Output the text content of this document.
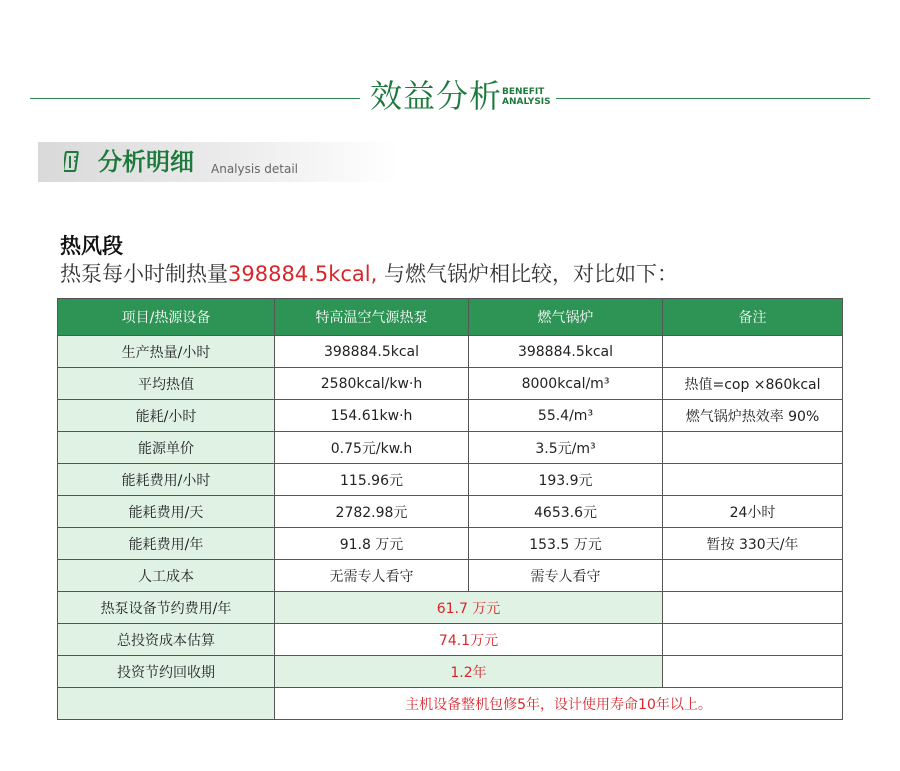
效益分析 BENEFIT
ANALYSIS
分析明细 Analysis detail
热风段
热泵每小时制热量398884.5kcal, 与燃气锅炉相比较，对比如下：
项目/热源设备	特高温空气源热泵	燃气锅炉	备注
生产热量/小时	398884.5kcal	398884.5kcal	
平均热值	2580kcal/kw·h	8000kcal/m³	热值=cop ×860kcal
能耗/小时	154.61kw·h	55.4/m³	燃气锅炉热效率 90%
能源单价	0.75元/kw.h	3.5元/m³	
能耗费用/小时	115.96元	193.9元	
能耗费用/天	2782.98元	4653.6元	24小时
能耗费用/年	91.8 万元	153.5 万元	暂按 330天/年
人工成本	无需专人看守	需专人看守	
热泵设备节约费用/年	61.7 万元		
总投资成本估算	74.1万元		
投资节约回收期	1.2年		
	主机设备整机包修5年，设计使用寿命10年以上。		
